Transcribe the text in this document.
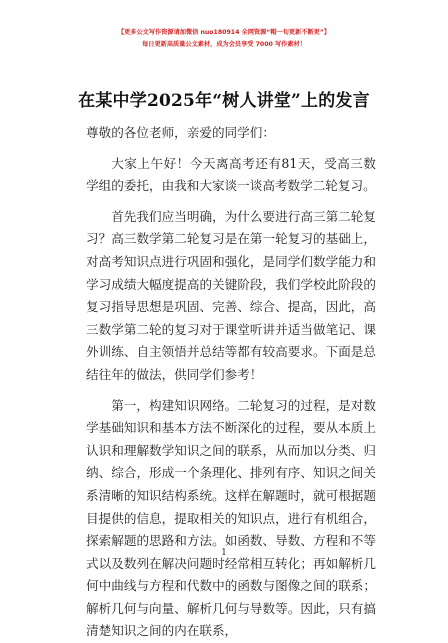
【更多公文写作资源请加微信 nuo180914 全网资源“帽一旬更新不断更”】
每日更新高质量公文素材，成为会员享受 7000 写作素材！
在某中学2025年“树人讲堂”上的发言

尊敬的各位老师，亲爱的同学们：

大家上午好！今天离高考还有81天，受高三数学组的委托，由我和大家谈一谈高考数学二轮复习。

首先我们应当明确，为什么要进行高三第二轮复习？高三数学第二轮复习是在第一轮复习的基础上，对高考知识点进行巩固和强化，是同学们数学能力和学习成绩大幅度提高的关键阶段，我们学校此阶段的复习指导思想是巩固、完善、综合、提高，因此，高三数学第二轮的复习对于课堂听讲并适当做笔记、课外训练、自主领悟并总结等都有较高要求。下面是总结往年的做法，供同学们参考！

第一，构建知识网络。二轮复习的过程，是对数学基础知识和基本方法不断深化的过程，要从本质上认识和理解数学知识之间的联系，从而加以分类、归纳、综合，形成一个条理化、排列有序、知识之间关系清晰的知识结构系统。这样在解题时，就可根据题目提供的信息，提取相关的知识点，进行有机组合，探索解题的思路和方法。如函数、导数、方程和不等式以及数列在解决问题时经常相互转化；再如解析几何中曲线与方程和代数中的函数与图像之间的联系；解析几何与向量、解析几何与导数等。因此，只有搞清楚知识之间的内在联系，

1
